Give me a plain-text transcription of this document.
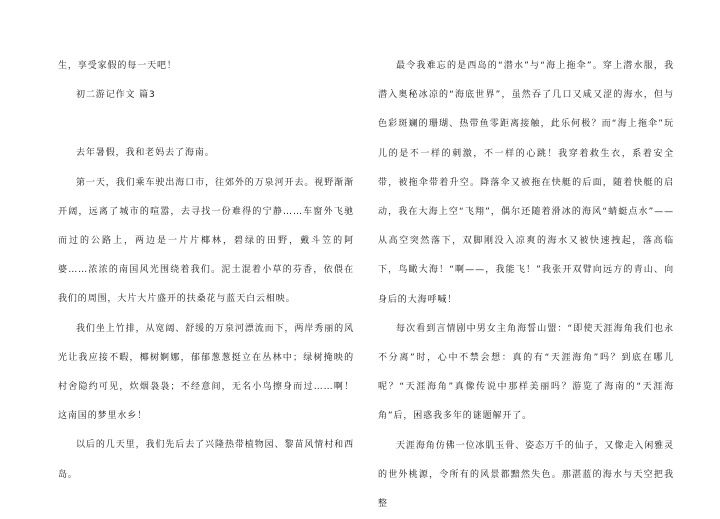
生，享受家假的每一天吧！

初二游记作文 篇3

去年暑假，我和老妈去了海南。

第一天，我们乘车驶出海口市，往郊外的万泉河开去。视野渐渐开阔，远离了城市的喧嚣，去寻找一份难得的宁静……车窗外飞驰而过的公路上，两边是一片片椰林，碧绿的田野，戴斗笠的阿婆……浓浓的南国风光围绕着我们。泥土混着小草的芬香，依偎在我们的周围，大片大片盛开的扶桑花与蓝天白云相映。

我们坐上竹排，从宽阔、舒缓的万泉河漂流而下，两岸秀丽的风光让我应接不暇，椰树婀娜，郁郁葱葱挺立在丛林中；绿树掩映的村舍隐约可见，炊烟袅袅；不经意间，无名小鸟擦身而过……啊！这南国的梦里水乡！

以后的几天里，我们先后去了兴隆热带植物园、黎苗风情村和西岛。

最令我难忘的是西岛的“潜水”与“海上拖伞”。穿上潜水服，我潜入奥秘冰凉的“海底世界”，虽然吞了几口又咸又涩的海水，但与色彩斑斓的珊瑚、热带鱼零距离接触，此乐何极？而“海上拖伞”玩儿的是不一样的刺激，不一样的心跳！我穿着救生衣，系着安全带，被拖伞带着升空。降落伞又被拖在快艇的后面，随着快艇的启动，我在大海上空“飞翔”，偶尔还随着滑冰的海风“蜻蜓点水”——从高空突然落下，双脚刚没入凉爽的海水又被快速拽起，落高临下，鸟瞰大海！“啊——，我能飞！”我张开双臂向远方的青山、向身后的大海呼喊！

每次看到言情剧中男女主角海誓山盟：“即使天涯海角我们也永不分离”时，心中不禁会想：真的有“天涯海角”吗？到底在哪儿呢？“天涯海角”真像传说中那样美丽吗？游览了海南的“天涯海角”后，困惑我多年的谜题解开了。

天涯海角仿佛一位冰肌玉骨、姿态万千的仙子，又像走入闲雅灵的世外桃源，令所有的风景都黯然失色。那湛蓝的海水与天空把我整
